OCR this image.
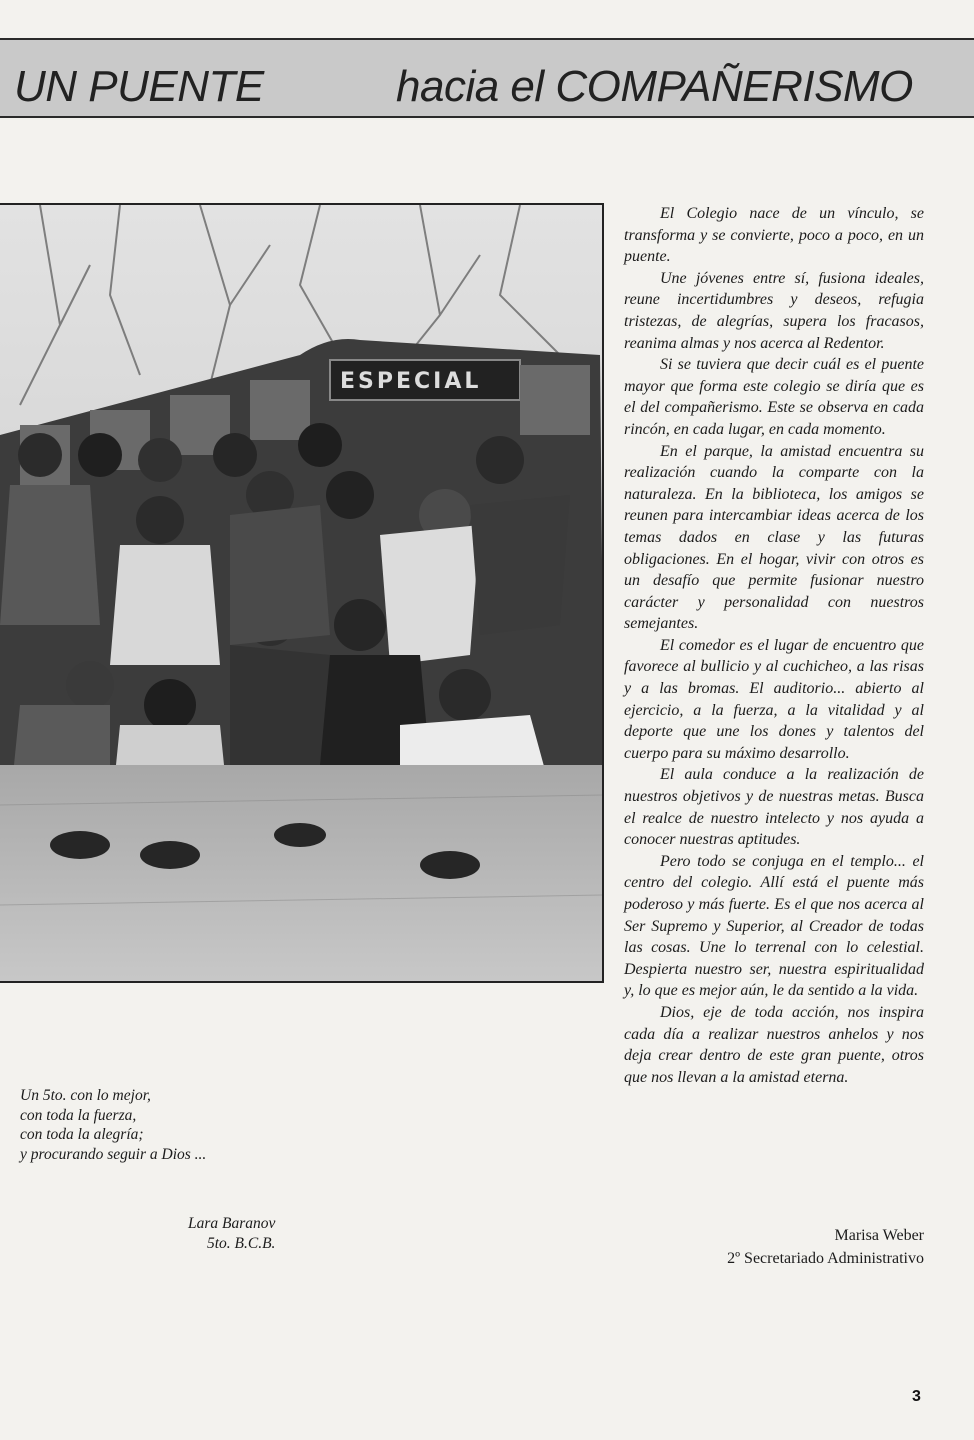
UN PUENTE	hacia el COMPAÑERISMO
ESPECIAL

El Colegio nace de un vínculo, se transforma y se convierte, poco a poco, en un puente.

Une jóvenes entre sí, fusiona ideales, reune incertidumbres y deseos, refugia tristezas, de alegrías, supera los fracasos, reanima almas y nos acerca al Redentor.

Si se tuviera que decir cuál es el puente mayor que forma este colegio se diría que es el del compañerismo. Este se observa en cada rincón, en cada lugar, en cada momento.

En el parque, la amistad encuentra su realización cuando la comparte con la naturaleza. En la biblioteca, los amigos se reunen para intercambiar ideas acerca de los temas dados en clase y las futuras obligaciones. En el hogar, vivir con otros es un desafío que permite fusionar nuestro carácter y personalidad con nuestros semejantes.

El comedor es el lugar de encuentro que favorece al bullicio y al cuchicheo, a las risas y a las bromas. El auditorio... abierto al ejercicio, a la fuerza, a la vitalidad y al deporte que une los dones y talentos del cuerpo para su máximo desarrollo.

El aula conduce a la realización de nuestros objetivos y de nuestras metas. Busca el realce de nuestro intelecto y nos ayuda a conocer nuestras aptitudes.

Pero todo se conjuga en el templo... el centro del colegio. Allí está el puente más poderoso y más fuerte. Es el que nos acerca al Ser Supremo y Superior, al Creador de todas las cosas. Une lo terrenal con lo celestial. Despierta nuestro ser, nuestra espiritualidad y, lo que es mejor aún, le da sentido a la vida.

Dios, eje de toda acción, nos inspira cada día a realizar nuestros anhelos y nos deja crear dentro de este gran puente, otros que nos llevan a la amistad eterna.

Marisa Weber
2º Secretariado Administrativo
Un 5to. con lo mejor,
con toda la fuerza,
con toda la alegría;
y procurando seguir a Dios ...
Lara Baranov
5to. B.C.B.
3
